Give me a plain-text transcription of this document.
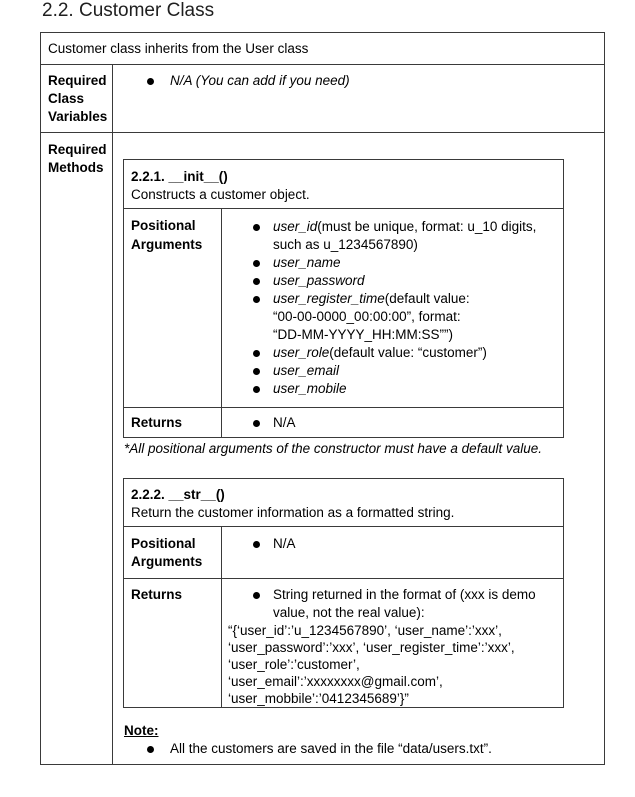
2.2. Customer Class
Customer class inherits from the User class
Required
Class
Variables
N/A (You can add if you need)
Required
Methods
2.2.1. __init__()
Constructs a customer object.
Positional
Arguments
user_id(must be unique, format: u_10 digits,
such as u_1234567890)
user_name
user_password
user_register_time(default value:
“00-00-0000_00:00:00”, format:
“DD-MM-YYYY_HH:MM:SS””)
user_role(default value: “customer”)
user_email
user_mobile
Returns	N/A
*All positional arguments of the constructor must have a default value.
2.2.2. __str__()
Return the customer information as a formatted string.
Positional
Arguments
N/A
Returns	String returned in the format of (xxx is demo
value, not the real value):
“{‘user_id’:’u_1234567890’, ‘user_name’:’xxx’,
‘user_password’:’xxx’, ‘user_register_time’:’xxx’,
‘user_role’:’customer’,
‘user_email’:’xxxxxxxx@gmail.com’,
‘user_mobbile’:’0412345689’}”
Note:
All the customers are saved in the file “data/users.txt”.
